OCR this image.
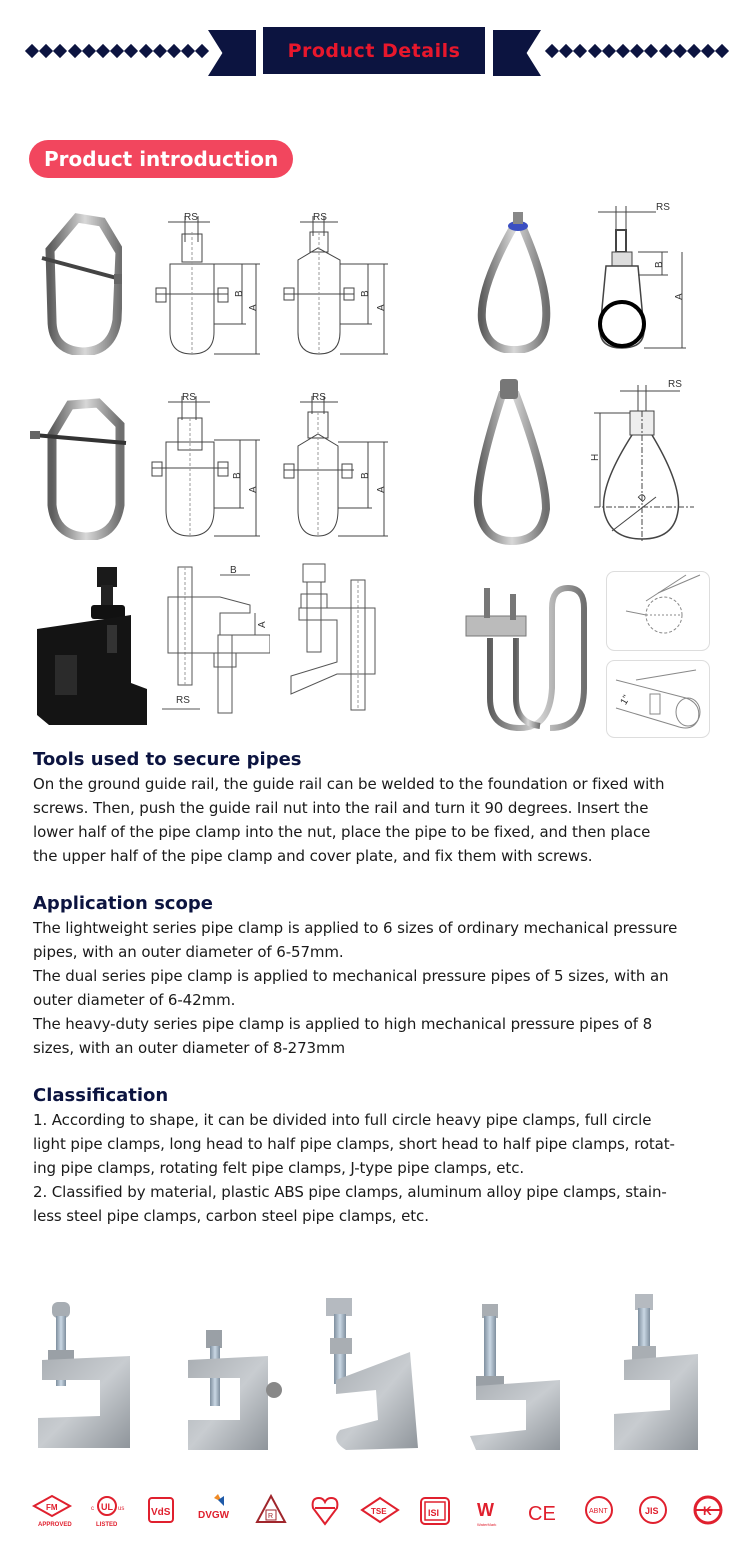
Product Details
Product introduction
RS
B
A
RS
B
A
RS
B
A
RS
B
A
RS
B
A
RS
H
D
B
A
RS	1"
Tools used to secure pipes

On the ground guide rail, the guide rail can be welded to the foundation or fixed with

screws. Then, push the guide rail nut into the rail and turn it 90 degrees. Insert the

lower half of the pipe clamp into the nut, place the pipe to be fixed, and then place

the upper half of the pipe clamp and cover plate, and fix them with screws.

Application scope

The lightweight series pipe clamp is applied to 6 sizes of ordinary mechanical pressure

pipes, with an outer diameter of 6-57mm.

The dual series pipe clamp is applied to mechanical pressure pipes of 5 sizes, with an

outer diameter of 6-42mm.

The heavy-duty series pipe clamp is applied to high mechanical pressure pipes of 8

sizes, with an outer diameter of 8-273mm

Classification

1. According to shape, it can be divided into full circle heavy pipe clamps, full circle

light pipe clamps, long head to half pipe clamps, short head to half pipe clamps, rotat-

ing pipe clamps, rotating felt pipe clamps, J-type pipe clamps, etc.

2. Classified by material, plastic ABS pipe clamps, aluminum alloy pipe clamps, stain-

less steel pipe clamps, carbon steel pipe clamps, etc.

FM
APPROVED
UL
c	us
LISTED
VdS	DVGW	R
TSE	ISI W
WaterMark CE	ABNT	JIS	K
